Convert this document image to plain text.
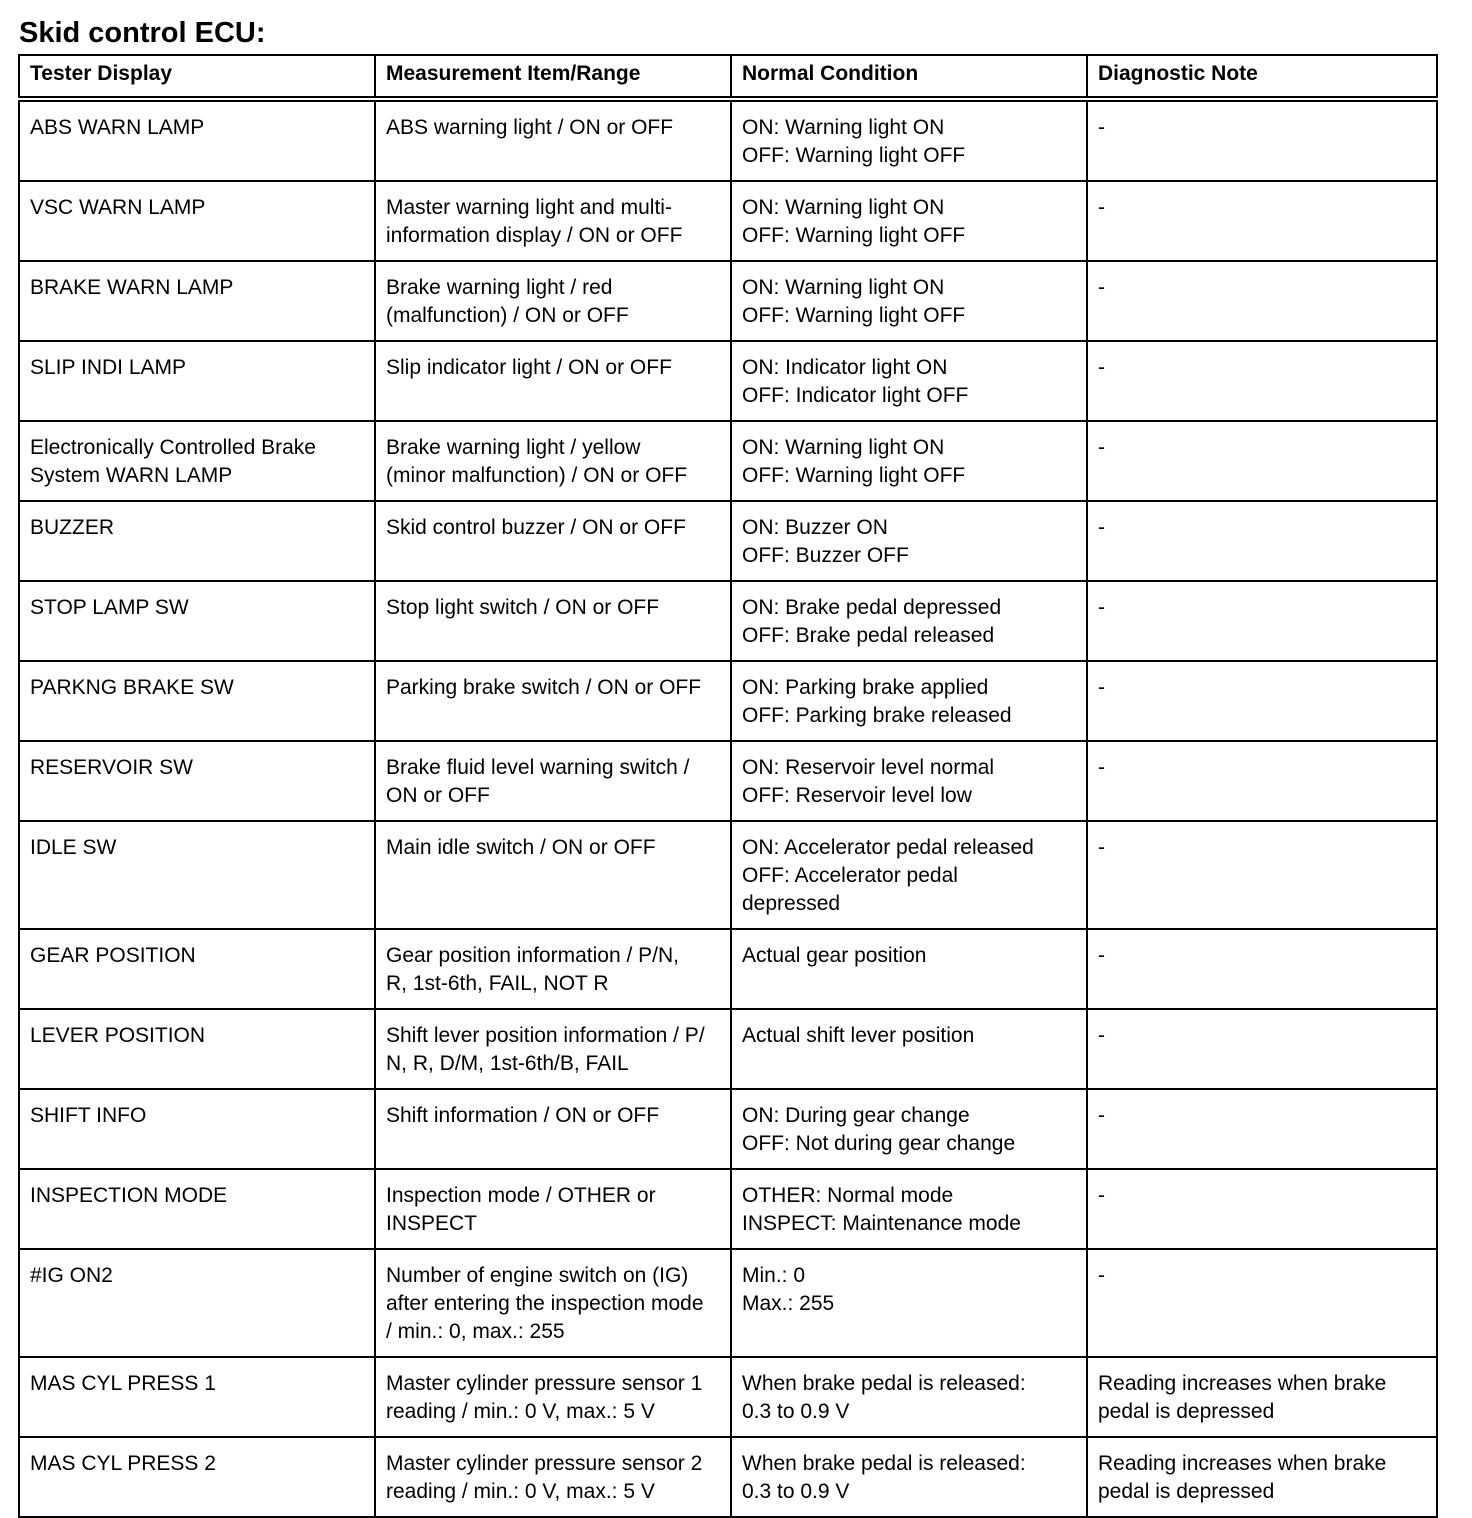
Skid control ECU:
Tester Display	Measurement Item/Range	Normal Condition	Diagnostic Note
ABS WARN LAMP	ABS warning light / ON or OFF	ON: Warning light ON
OFF: Warning light OFF	-

VSC WARN LAMP	Master warning light and multi-
information display / ON or OFF	ON: Warning light ON
OFF: Warning light OFF	-

BRAKE WARN LAMP	Brake warning light / red
(malfunction) / ON or OFF	ON: Warning light ON
OFF: Warning light OFF	-

SLIP INDI LAMP	Slip indicator light / ON or OFF	ON: Indicator light ON
OFF: Indicator light OFF	-

Electronically Controlled Brake System WARN LAMP	Brake warning light / yellow
(minor malfunction) / ON or OFF	ON: Warning light ON
OFF: Warning light OFF	-

BUZZER	Skid control buzzer / ON or OFF	ON: Buzzer ON
OFF: Buzzer OFF	-

STOP LAMP SW	Stop light switch / ON or OFF	ON: Brake pedal depressed
OFF: Brake pedal released	-

PARKNG BRAKE SW	Parking brake switch / ON or OFF	ON: Parking brake applied
OFF: Parking brake released	-

RESERVOIR SW	Brake fluid level warning switch /
ON or OFF	ON: Reservoir level normal
OFF: Reservoir level low	-

IDLE SW	Main idle switch / ON or OFF	ON: Accelerator pedal released
OFF: Accelerator pedal
depressed	-

GEAR POSITION	Gear position information / P/N,
R, 1st-6th, FAIL, NOT R	Actual gear position	-

LEVER POSITION	Shift lever position information / P/
N, R, D/M, 1st-6th/B, FAIL	Actual shift lever position	-

SHIFT INFO	Shift information / ON or OFF	ON: During gear change
OFF: Not during gear change	-

INSPECTION MODE	Inspection mode / OTHER or
INSPECT	OTHER: Normal mode
INSPECT: Maintenance mode	-

#IG ON2	Number of engine switch on (IG)
after entering the inspection mode
/ min.: 0, max.: 255	Min.: 0
Max.: 255	-

MAS CYL PRESS 1	Master cylinder pressure sensor 1
reading / min.: 0 V, max.: 5 V	When brake pedal is released:
0.3 to 0.9 V	Reading increases when brake
pedal is depressed

MAS CYL PRESS 2	Master cylinder pressure sensor 2
reading / min.: 0 V, max.: 5 V	When brake pedal is released:
0.3 to 0.9 V	Reading increases when brake
pedal is depressed
